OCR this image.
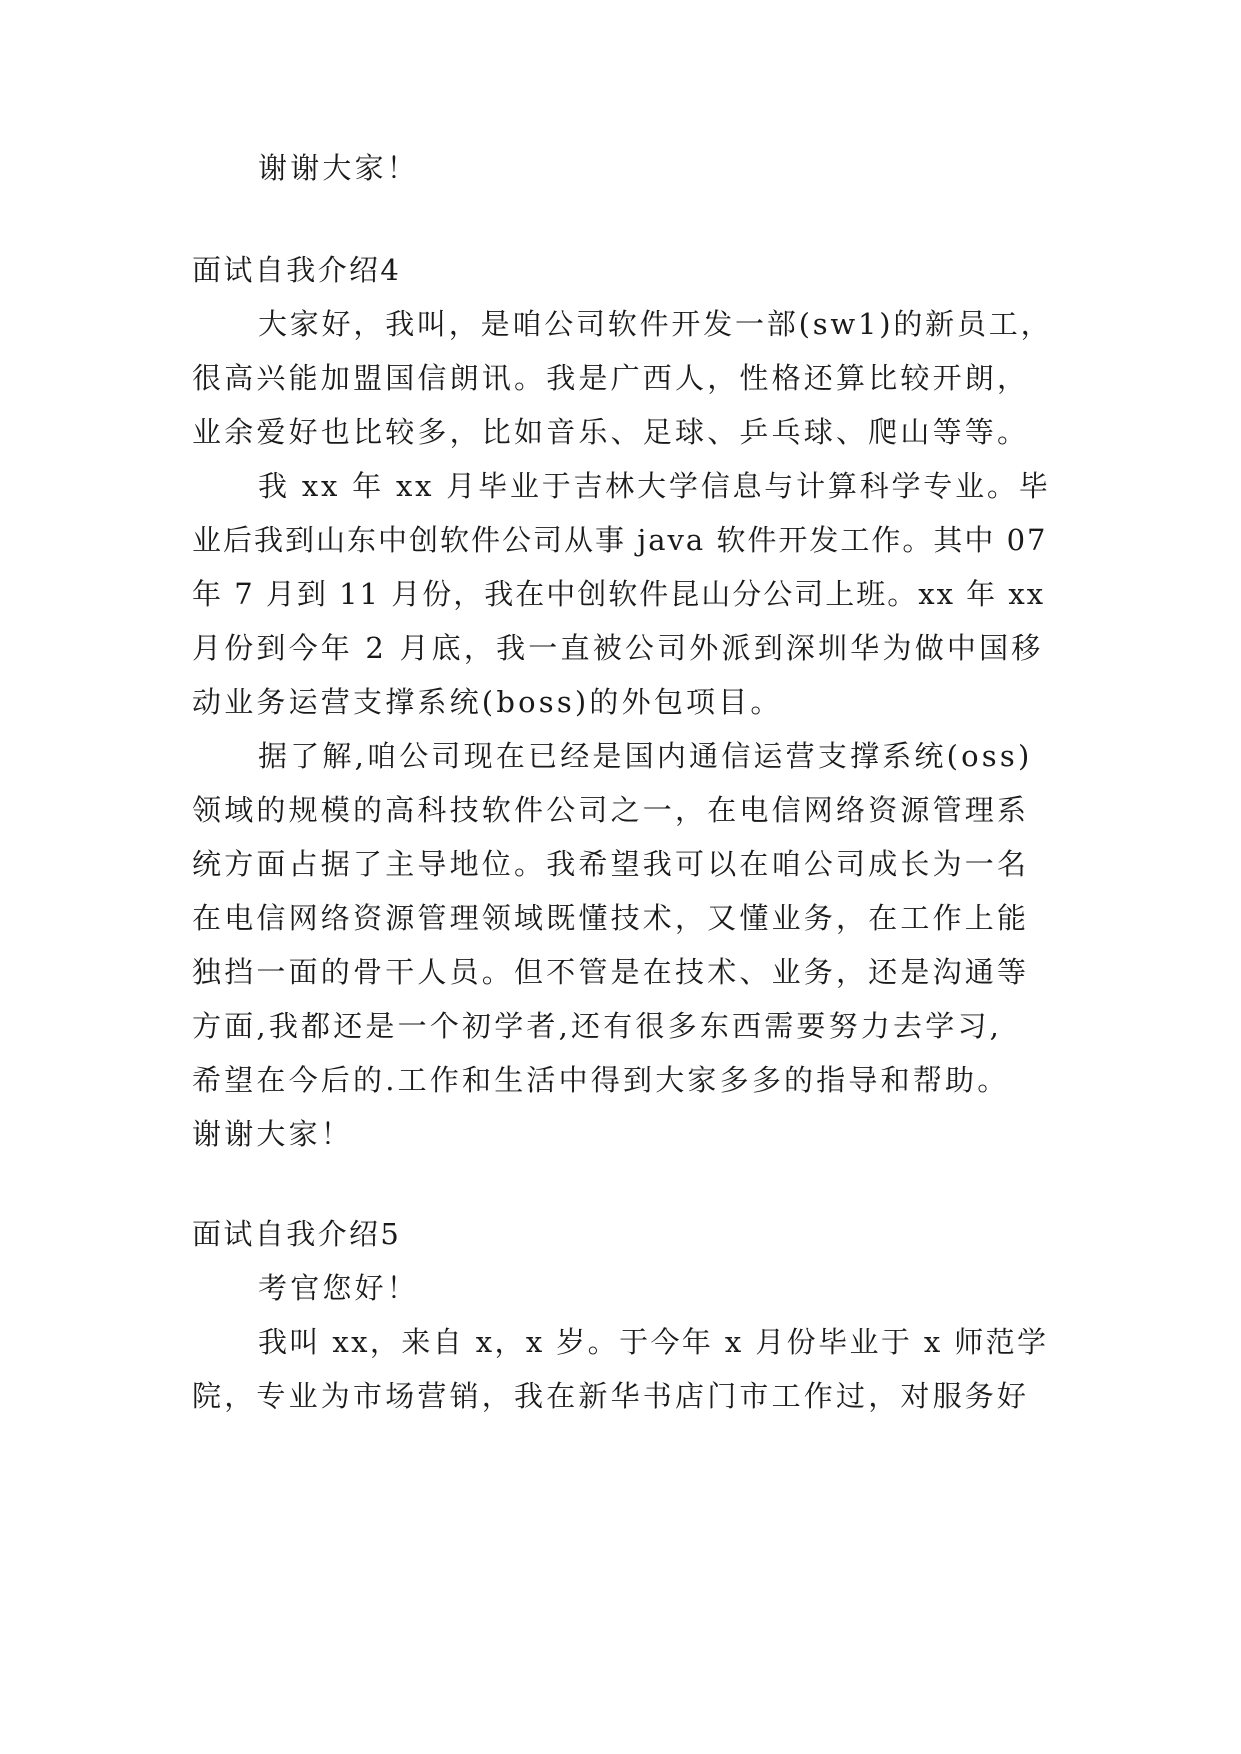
谢谢大家！
面试自我介绍4
大家好，我叫，是咱公司软件开发一部(sw1)的新员工，
很高兴能加盟国信朗讯。我是广西人，性格还算比较开朗，
业余爱好也比较多，比如音乐、足球、乒乓球、爬山等等。
我 xx 年 xx 月毕业于吉林大学信息与计算科学专业。毕
业后我到山东中创软件公司从事 java 软件开发工作。其中 07
年 7 月到 11 月份，我在中创软件昆山分公司上班。xx 年 xx
月份到今年 2 月底，我一直被公司外派到深圳华为做中国移
动业务运营支撑系统(boss)的外包项目。
据了解,咱公司现在已经是国内通信运营支撑系统(oss)
领域的规模的高科技软件公司之一，在电信网络资源管理系
统方面占据了主导地位。我希望我可以在咱公司成长为一名
在电信网络资源管理领域既懂技术，又懂业务，在工作上能
独挡一面的骨干人员。但不管是在技术、业务，还是沟通等
方面,我都还是一个初学者,还有很多东西需要努力去学习,
希望在今后的.工作和生活中得到大家多多的指导和帮助。
谢谢大家！
面试自我介绍5
考官您好！
我叫 xx，来自 x，x 岁。于今年 x 月份毕业于 x 师范学
院，专业为市场营销，我在新华书店门市工作过，对服务好
